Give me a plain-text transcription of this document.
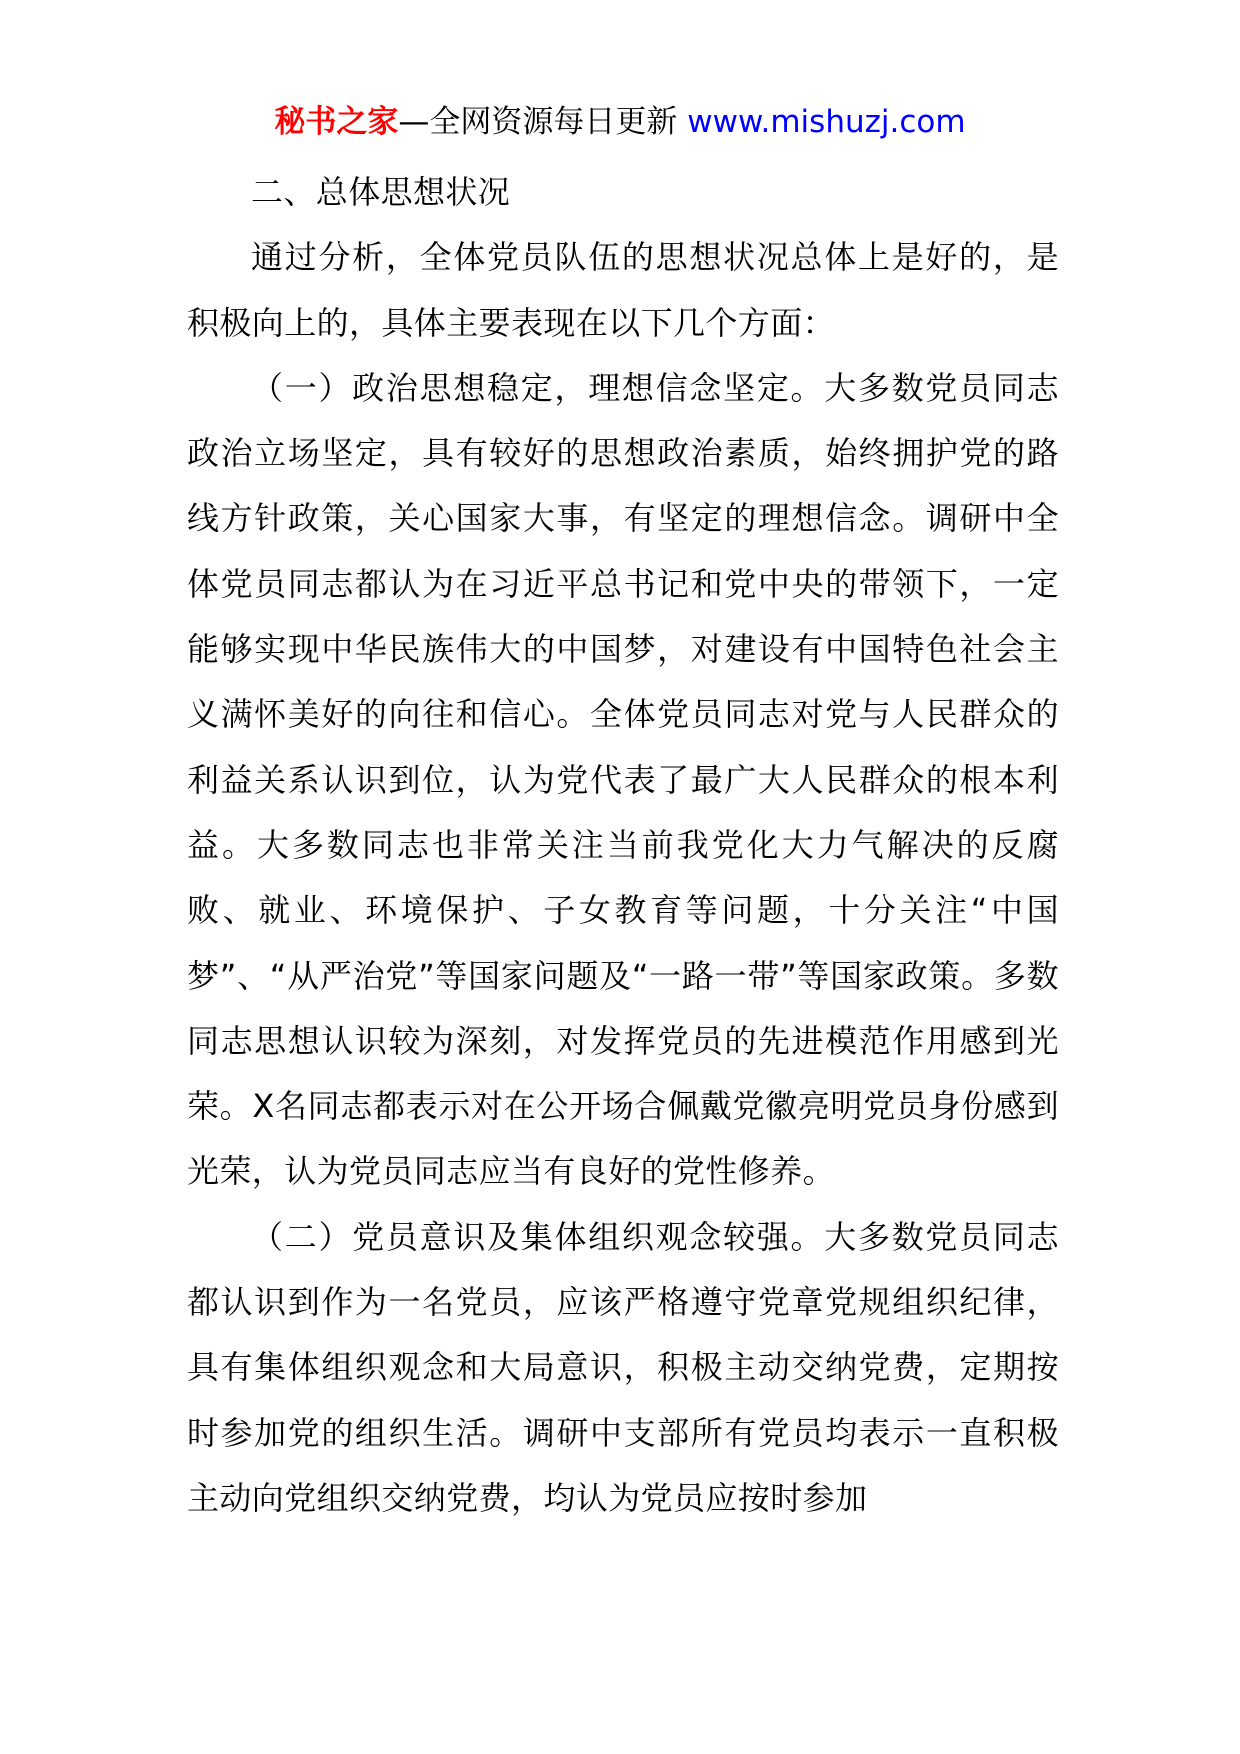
秘书之家—全网资源每日更新 www.mishuzj.com

二、总体思想状况

通过分析，全体党员队伍的思想状况总体上是好的，是积极向上的，具体主要表现在以下几个方面：

（一）政治思想稳定，理想信念坚定。大多数党员同志政治立场坚定，具有较好的思想政治素质，始终拥护党的路线方针政策，关心国家大事，有坚定的理想信念。调研中全体党员同志都认为在习近平总书记和党中央的带领下，一定能够实现中华民族伟大的中国梦，对建设有中国特色社会主义满怀美好的向往和信心。全体党员同志对党与人民群众的利益关系认识到位，认为党代表了最广大人民群众的根本利益。大多数同志也非常关注当前我党化大力气解决的反腐败、就业、环境保护、子女教育等问题，十分关注“中国梦”、“从严治党”等国家问题及“一路一带”等国家政策。多数同志思想认识较为深刻，对发挥党员的先进模范作用感到光荣。X名同志都表示对在公开场合佩戴党徽亮明党员身份感到光荣，认为党员同志应当有良好的党性修养。

（二）党员意识及集体组织观念较强。大多数党员同志都认识到作为一名党员，应该严格遵守党章党规组织纪律，具有集体组织观念和大局意识，积极主动交纳党费，定期按时参加党的组织生活。调研中支部所有党员均表示一直积极主动向党组织交纳党费，均认为党员应按时参加
